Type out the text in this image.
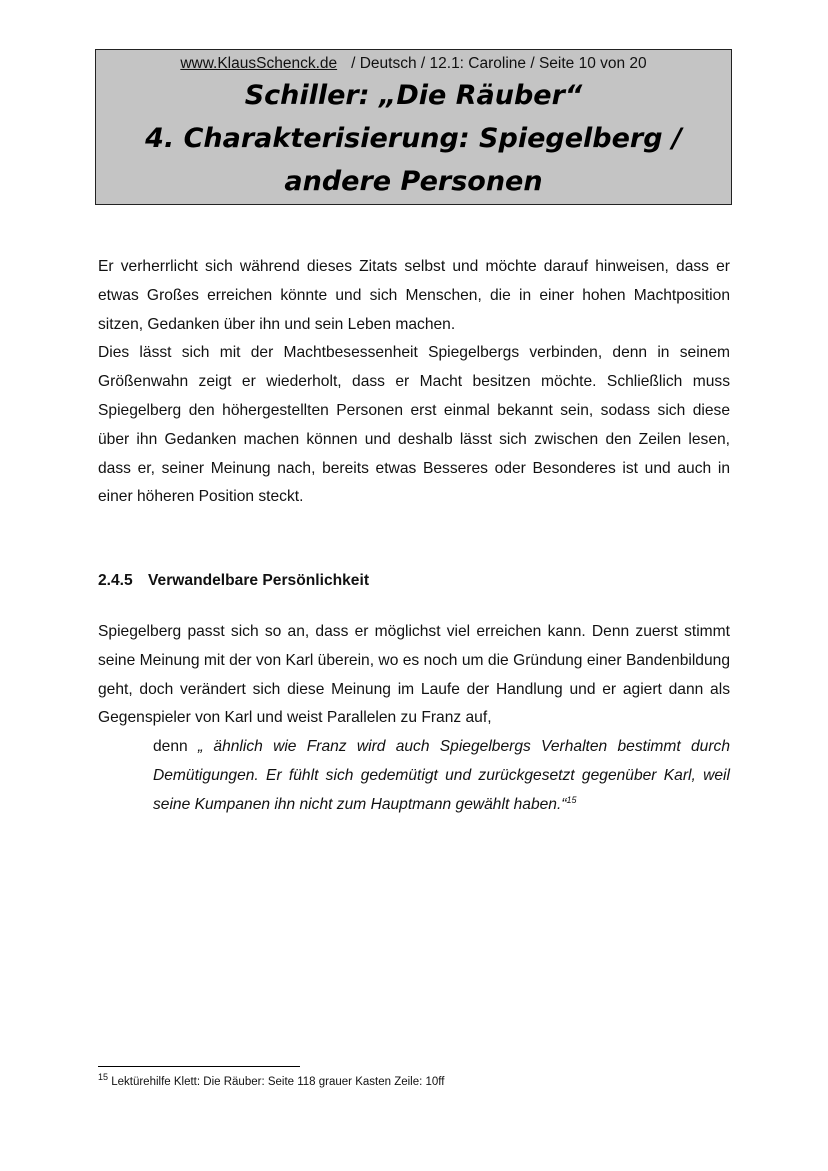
www.KlausSchenck.de / Deutsch / 12.1: Caroline / Seite 10 von 20
Schiller: „Die Räuber“
4. Charakterisierung: Spiegelberg /
andere Personen

Er verherrlicht sich während dieses Zitats selbst und möchte darauf hinweisen, dass er etwas Großes erreichen könnte und sich Menschen, die in einer hohen Machtposition sitzen, Gedanken über ihn und sein Leben machen.

Dies lässt sich mit der Machtbesessenheit Spiegelbergs verbinden, denn in seinem Größenwahn zeigt er wiederholt, dass er Macht besitzen möchte. Schließlich muss Spiegelberg den höhergestellten Personen erst einmal bekannt sein, sodass sich diese über ihn Gedanken machen können und deshalb lässt sich zwischen den Zeilen lesen, dass er, seiner Meinung nach, bereits etwas Besseres oder Besonderes ist und auch in einer höheren Position steckt.

2.4.5 Verwandelbare Persönlichkeit

Spiegelberg passt sich so an, dass er möglichst viel erreichen kann. Denn zuerst stimmt seine Meinung mit der von Karl überein, wo es noch um die Gründung einer Bandenbildung geht, doch verändert sich diese Meinung im Laufe der Handlung und er agiert dann als Gegenspieler von Karl und weist Parallelen zu Franz auf,

denn „ ähnlich wie Franz wird auch Spiegelbergs Verhalten bestimmt durch Demütigungen. Er fühlt sich gedemütigt und zurückgesetzt gegenüber Karl, weil seine Kumpanen ihn nicht zum Hauptmann gewählt haben.“$^{15}$

$^{15}$ Lektürehilfe Klett: Die Räuber: Seite 118 grauer Kasten Zeile: 10ff
